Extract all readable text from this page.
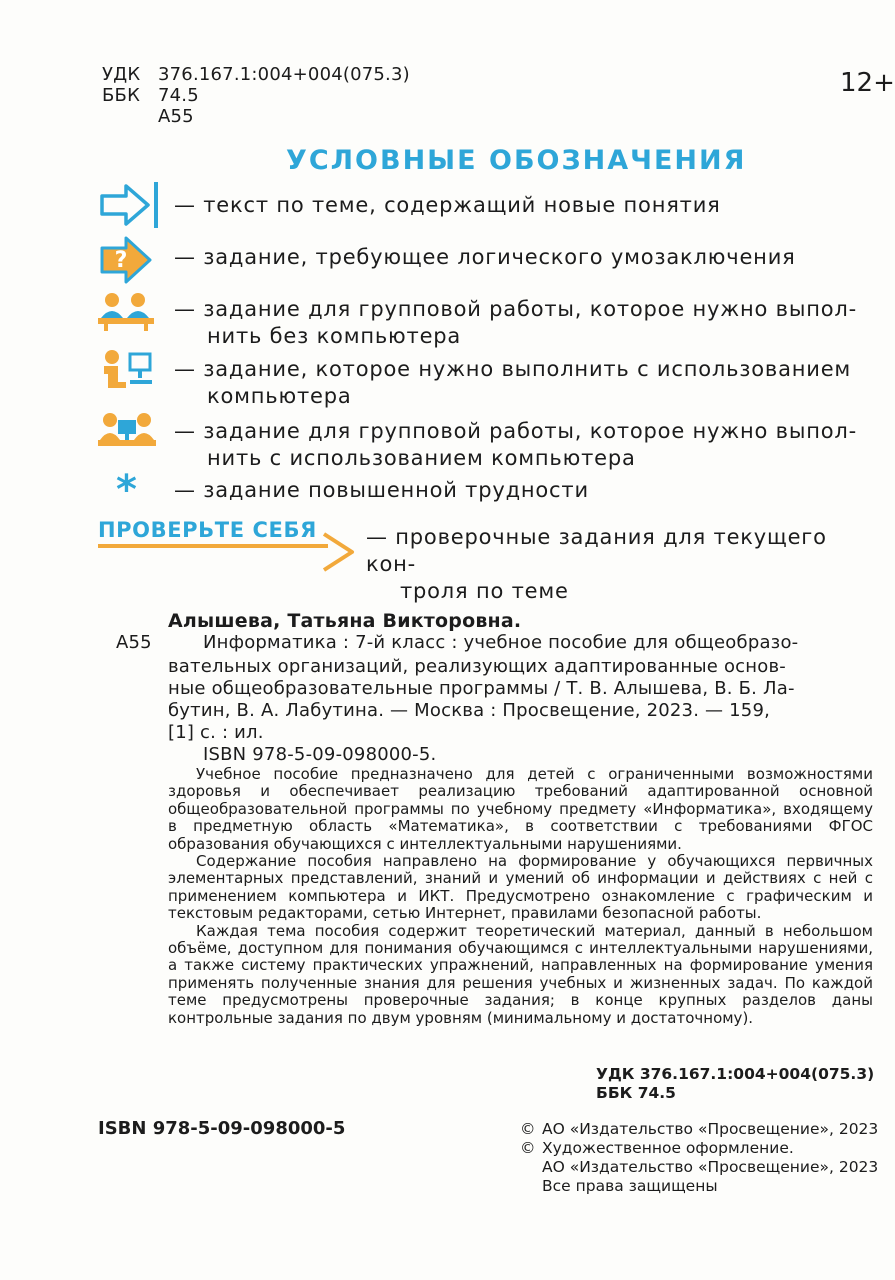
УДК 376.167.1:004+004(075.3)
ББК 74.5
А55
12+
УСЛОВНЫЕ ОБОЗНАЧЕНИЯ
— текст по теме, содержащий новые понятия
? — задание, требующее логического умозаключения
— задание для групповой работы, которое нужно выпол-
нить без компьютера
— задание, которое нужно выполнить с использованием
компьютера
— задание для групповой работы, которое нужно выпол-
нить с использованием компьютера
* — задание повышенной трудности
ПРОВЕРЬТЕ СЕБЯ — проверочные задания для текущего кон-
троля по теме
Алышева, Татьяна Викторовна.
А55	Информатика : 7-й класс : учебное пособие для общеобразо-
вательных организаций, реализующих адаптированные основ-
ные общеобразовательные программы / Т. В. Алышева, В. Б. Ла-
бутин, В. А. Лабутина. — Москва : Просвещение, 2023. — 159,
[1] с. : ил.
ISBN 978-5-09-098000-5.

Учебное пособие предназначено для детей с ограниченными возможностями здоровья и обеспечивает реализацию требований адаптированной основной общеобразовательной программы по учебному предмету «Информатика», входящему в предметную область «Математика», в соответствии с требованиями ФГОС образования обучающихся с интеллектуальными нарушениями.

Содержание пособия направлено на формирование у обучающихся первичных элементарных представлений, знаний и умений об информации и действиях с ней с применением компьютера и ИКТ. Предусмотрено ознакомление с графическим и текстовым редакторами, сетью Интернет, правилами безопасной работы.

Каждая тема пособия содержит теоретический материал, данный в небольшом объёме, доступном для понимания обучающимся с интеллектуальными нарушениями, а также систему практических упражнений, направленных на формирование умения применять полученные знания для решения учебных и жизненных задач. По каждой теме предусмотрены проверочные задания; в конце крупных разделов даны контрольные задания по двум уровням (минимальному и достаточному).

УДК 376.167.1:004+004(075.3)
ББК 74.5
ISBN 978-5-09-098000-5	© АО «Издательство «Просвещение», 2023
© Художественное оформление.
АО «Издательство «Просвещение», 2023
Все права защищены
